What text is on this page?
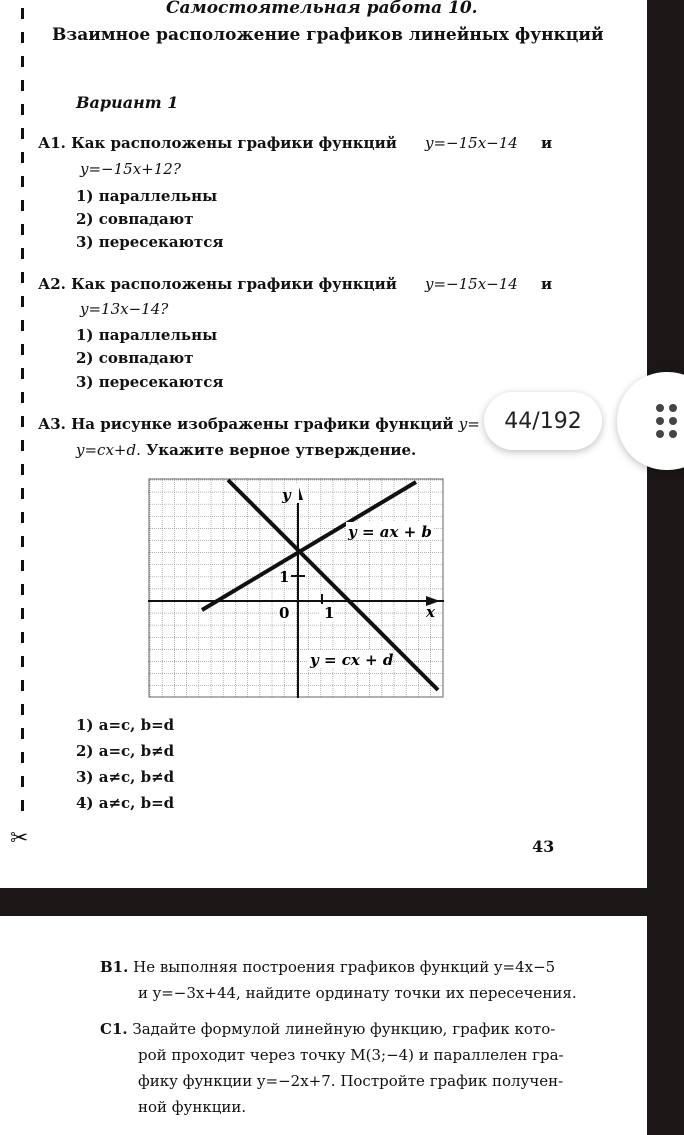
Самостоятельная работа 10.
Взаимное расположение графиков линейных функций
Вариант 1
А1. Как расположены графики функций y=−15x−14 и
y=−15x+12?
1) параллельны
2) совпадают
3) пересекаются
А2. Как расположены графики функций y=−15x−14 и
y=13x−14?
1) параллельны
2) совпадают
3) пересекаются
А3. На рисунке изображены графики функций y=
y=cx+d. Укажите верное утверждение.
y
x
0 1
1
y = ax + b
y = cx + d
1) a=c, b=d
2) a=c, b≠d
3) a≠c, b≠d
4) a≠c, b=d
✂	43
В1. Не выполняя построения графиков функций y=4x−5
и y=−3x+44, найдите ординату точки их пересечения.
С1. Задайте формулой линейную функцию, график кото-
рой проходит через точку M(3;−4) и параллелен гра-
фику функции y=−2x+7. Постройте график получен-
ной функции.
44/192
